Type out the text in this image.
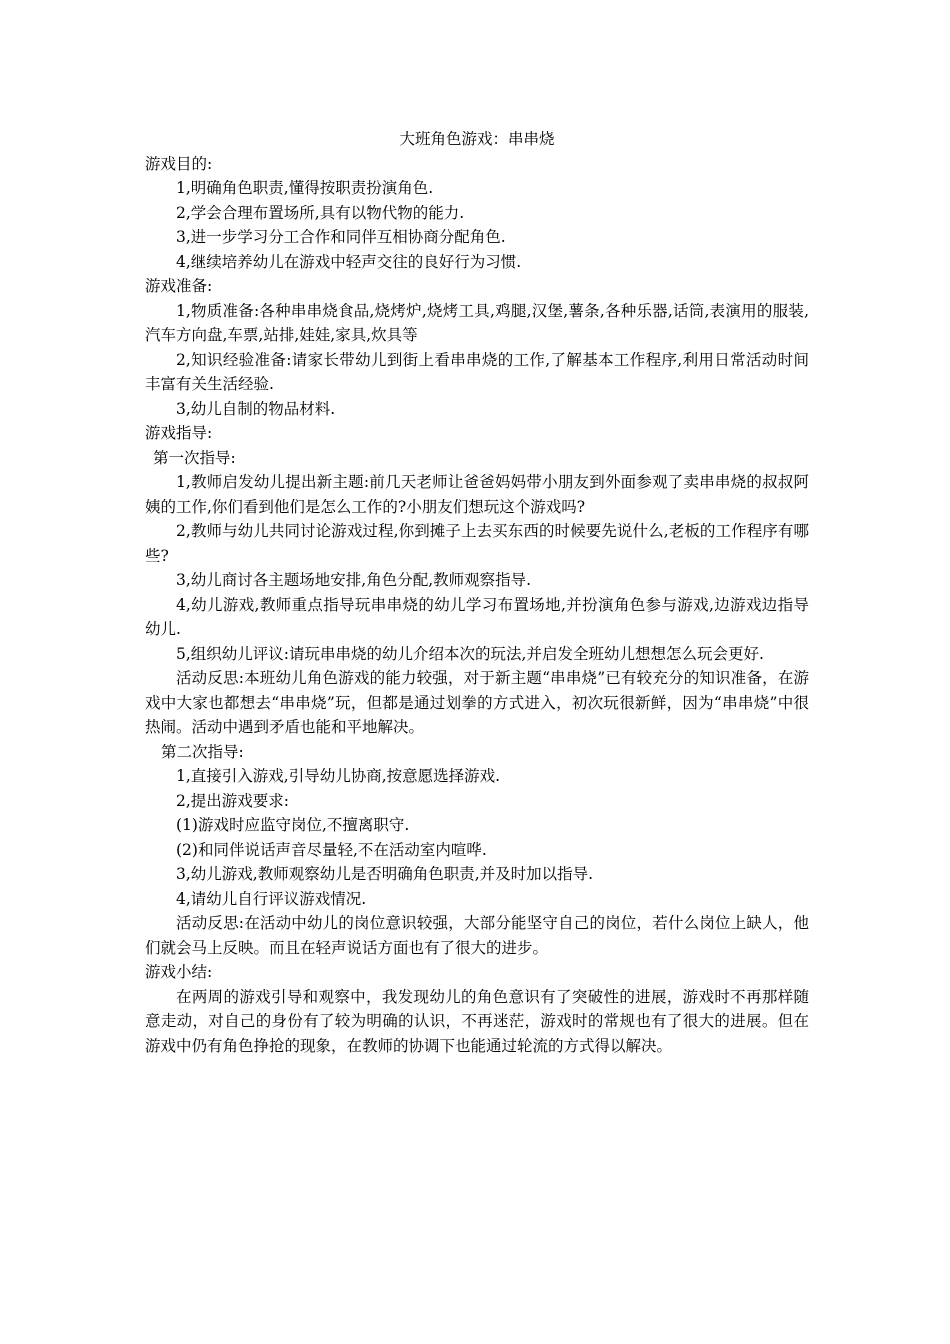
大班角色游戏：串串烧

游戏目的:

1,明确角色职责,懂得按职责扮演角色.

2,学会合理布置场所,具有以物代物的能力.

3,进一步学习分工合作和同伴互相协商分配角色.

4,继续培养幼儿在游戏中轻声交往的良好行为习惯.

游戏准备:

1,物质准备:各种串串烧食品,烧烤炉,烧烤工具,鸡腿,汉堡,薯条,各种乐器,话筒,表演用的服装,汽车方向盘,车票,站排,娃娃,家具,炊具等

2,知识经验准备:请家长带幼儿到街上看串串烧的工作,了解基本工作程序,利用日常活动时间丰富有关生活经验.

3,幼儿自制的物品材料.

游戏指导:

第一次指导:

1,教师启发幼儿提出新主题:前几天老师让爸爸妈妈带小朋友到外面参观了卖串串烧的叔叔阿姨的工作,你们看到他们是怎么工作的?小朋友们想玩这个游戏吗?

2,教师与幼儿共同讨论游戏过程,你到摊子上去买东西的时候要先说什么,老板的工作程序有哪些?

3,幼儿商讨各主题场地安排,角色分配,教师观察指导.

4,幼儿游戏,教师重点指导玩串串烧的幼儿学习布置场地,并扮演角色参与游戏,边游戏边指导幼儿.

5,组织幼儿评议:请玩串串烧的幼儿介绍本次的玩法,并启发全班幼儿想想怎么玩会更好.

活动反思:本班幼儿角色游戏的能力较强，对于新主题“串串烧”已有较充分的知识准备，在游戏中大家也都想去“串串烧”玩，但都是通过划拳的方式进入，初次玩很新鲜，因为“串串烧”中很热闹。活动中遇到矛盾也能和平地解决。

第二次指导:

1,直接引入游戏,引导幼儿协商,按意愿选择游戏.

2,提出游戏要求:

(1)游戏时应监守岗位,不擅离职守.

(2)和同伴说话声音尽量轻,不在活动室内喧哗.

3,幼儿游戏,教师观察幼儿是否明确角色职责,并及时加以指导.

4,请幼儿自行评议游戏情况.

活动反思:在活动中幼儿的岗位意识较强，大部分能坚守自己的岗位，若什么岗位上缺人，他们就会马上反映。而且在轻声说话方面也有了很大的进步。

游戏小结:

在两周的游戏引导和观察中，我发现幼儿的角色意识有了突破性的进展，游戏时不再那样随意走动，对自己的身份有了较为明确的认识，不再迷茫，游戏时的常规也有了很大的进展。但在游戏中仍有角色挣抢的现象，在教师的协调下也能通过轮流的方式得以解决。
